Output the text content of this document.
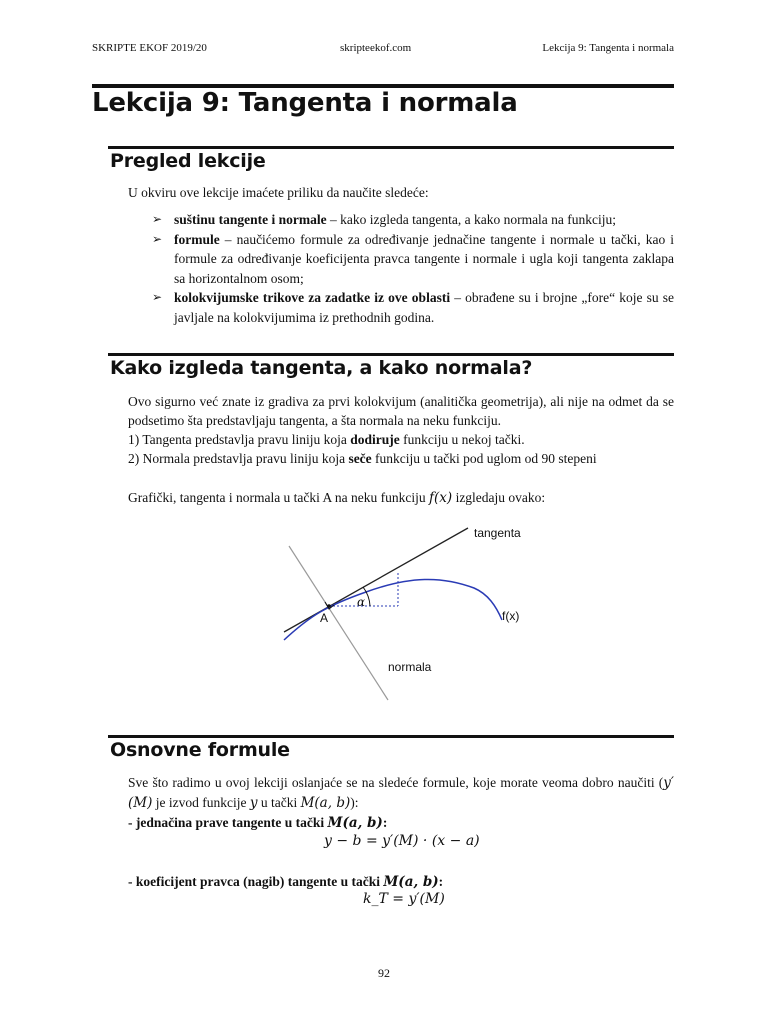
SKRIPTE EKOF 2019/20	skripteekof.com	Lekcija 9: Tangenta i normala
Lekcija 9: Tangenta i normala
Pregled lekcije
U okviru ove lekcije imaćete priliku da naučite sledeće:
➢ suštinu tangente i normale – kako izgleda tangenta, a kako normala na funkciju;
➢ formule – naučićemo formule za određivanje jednačine tangente i normale u tački, kao i formule za određivanje koeficijenta pravca tangente i normale i ugla koji tangenta zaklapa sa horizontalnom osom;
➢ kolokvijumske trikove za zadatke iz ove oblasti – obrađene su i brojne „fore“ koje su se javljale na kolokvijumima iz prethodnih godina.
Kako izgleda tangenta, a kako normala?
Ovo sigurno već znate iz gradiva za prvi kolokvijum (analitička geometrija), ali nije na odmet da se podsetimo šta predstavljaju tangenta, a šta normala na neku funkciju.
1) Tangenta predstavlja pravu liniju koja dodiruje funkciju u nekoj tački.
2) Normala predstavlja pravu liniju koja seče funkciju u tački pod uglom od 90 stepeni
Grafički, tangenta i normala u tački A na neku funkciju f(x) izgledaju ovako:
A
α
tangenta
f(x)
normala
Osnovne formule
Sve što radimo u ovoj lekciji oslanjaće se na sledeće formule, koje morate veoma dobro naučiti (y′(M) je izvod funkcije y u tački M(a, b)):
- jednačina prave tangente u tački M(a, b):
y − b = y′(M) · (x − a)
- koeficijent pravca (nagib) tangente u tački M(a, b):
k_T = y′(M)
92
